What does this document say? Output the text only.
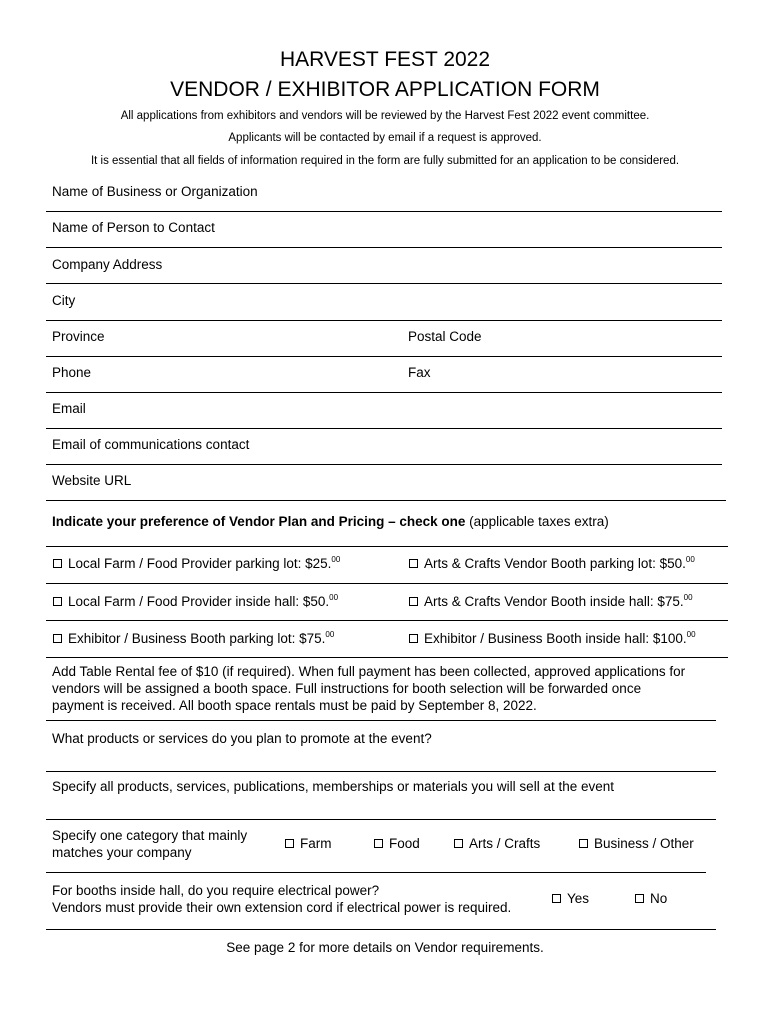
HARVEST FEST 2022
VENDOR / EXHIBITOR APPLICATION FORM
All applications from exhibitors and vendors will be reviewed by the Harvest Fest 2022 event committee.
Applicants will be contacted by email if a request is approved.
It is essential that all fields of information required in the form are fully submitted for an application to be considered.
Name of Business or Organization
Name of Person to Contact
Company Address
City
Province	Postal Code
Phone	Fax
Email
Email of communications contact
Website URL
Indicate your preference of Vendor Plan and Pricing – check one (applicable taxes extra)
Local Farm / Food Provider parking lot: $25.00	Arts & Crafts Vendor Booth parking lot: $50.00
Local Farm / Food Provider inside hall: $50.00	Arts & Crafts Vendor Booth inside hall: $75.00
Exhibitor / Business Booth parking lot: $75.00	Exhibitor / Business Booth inside hall: $100.00
Add Table Rental fee of $10 (if required). When full payment has been collected, approved applications for
vendors will be assigned a booth space. Full instructions for booth selection will be forwarded once
payment is received. All booth space rentals must be paid by September 8, 2022.
What products or services do you plan to promote at the event?
Specify all products, services, publications, memberships or materials you will sell at the event
Specify one category that mainly
matches your company
Farm	Food	Arts / Crafts	Business / Other
For booths inside hall, do you require electrical power?
Vendors must provide their own extension cord if electrical power is required.
Yes	No
See page 2 for more details on Vendor requirements.
